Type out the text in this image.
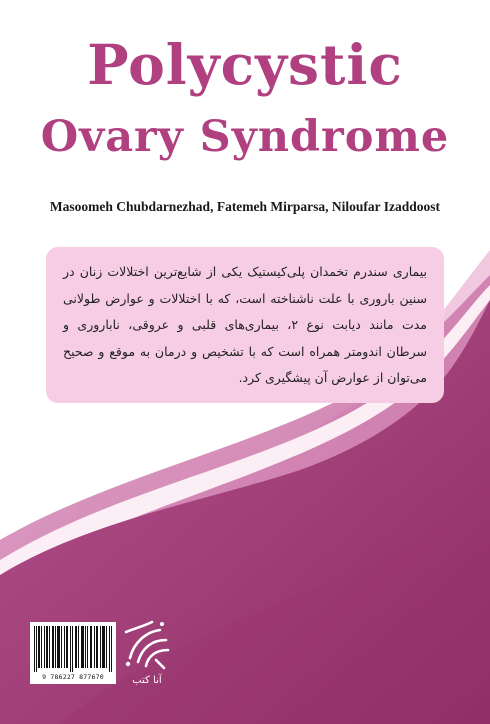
Polycystic
Ovary Syndrome
Masoomeh Chubdarnezhad, Fatemeh Mirparsa, Niloufar Izaddoost

بیماری سندرم تخمدان پلی‌کیستیک یکی از شایع‌ترین اختلالات زنان در سنین باروری با علت ناشناخته است، که با اختلالات و عوارض طولانی مدت مانند دیابت نوع ۲، بیماری‌های قلبی و عروقی، ناباروری و سرطان اندومتر همراه است که با تشخیص و درمان به موقع و صحیح می‌توان از عوارض آن پیشگیری کرد.

9 786227 877670	آنا کتب
